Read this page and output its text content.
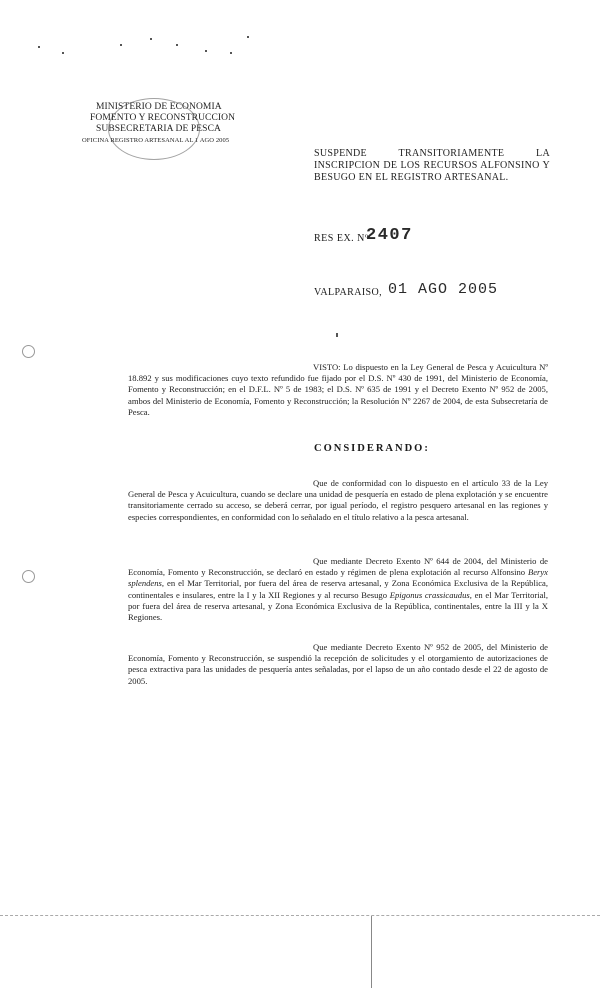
MINISTERIO DE ECONOMIA
FOMENTO Y RECONSTRUCCION
SUBSECRETARIA DE PESCA
OFICINA REGISTRO ARTESANAL AL 1 AGO 2005
SUSPENDE TRANSITORIAMENTE LA INSCRIPCION DE LOS RECURSOS ALFONSINO Y BESUGO EN EL REGISTRO ARTESANAL.
RES EX. Nº
2407
VALPARAISO, 01 AGO 2005
VISTO: Lo dispuesto en la Ley General de Pesca y Acuicultura Nº 18.892 y sus modificaciones cuyo texto refundido fue fijado por el D.S. Nº 430 de 1991, del Ministerio de Economía, Fomento y Reconstrucción; en el D.F.L. Nº 5 de 1983; el D.S. Nº 635 de 1991 y el Decreto Exento Nº 952 de 2005, ambos del Ministerio de Economía, Fomento y Reconstrucción; la Resolución Nº 2267 de 2004, de esta Subsecretaría de Pesca.
CONSIDERANDO:
Que de conformidad con lo dispuesto en el artículo 33 de la Ley General de Pesca y Acuicultura, cuando se declare una unidad de pesquería en estado de plena explotación y se encuentre transitoriamente cerrado su acceso, se deberá cerrar, por igual período, el registro pesquero artesanal en las regiones y especies correspondientes, en conformidad con lo señalado en el título relativo a la pesca artesanal.
Que mediante Decreto Exento Nº 644 de 2004, del Ministerio de Economía, Fomento y Reconstrucción, se declaró en estado y régimen de plena explotación al recurso Alfonsino Beryx splendens, en el Mar Territorial, por fuera del área de reserva artesanal, y Zona Económica Exclusiva de la República, continentales e insulares, entre la I y la XII Regiones y al recurso Besugo Epigonus crassicaudus, en el Mar Territorial, por fuera del área de reserva artesanal, y Zona Económica Exclusiva de la República, continentales, entre la III y la X Regiones.
Que mediante Decreto Exento Nº 952 de 2005, del Ministerio de Economía, Fomento y Reconstrucción, se suspendió la recepción de solicitudes y el otorgamiento de autorizaciones de pesca extractiva para las unidades de pesquería antes señaladas, por el lapso de un año contado desde el 22 de agosto de 2005.
